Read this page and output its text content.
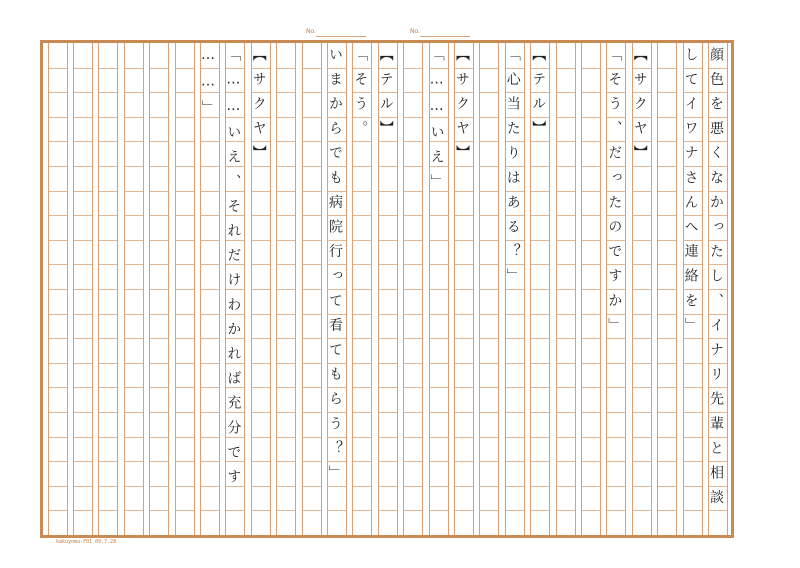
No.	No.
顔色を悪くなかったし、イナリ先輩と相談
してイワナさんへ連絡を」
【サクヤ】
「そう、だったのですか」
【テル】
「心当たりはある？」
【サクヤ】
「……いえ」
【テル】
「そう。
いまからでも病院行って看てもらう？」
【サクヤ】
「……いえ、それだけわかれば充分です
……」
kakuyomu-F01 09.7.28
